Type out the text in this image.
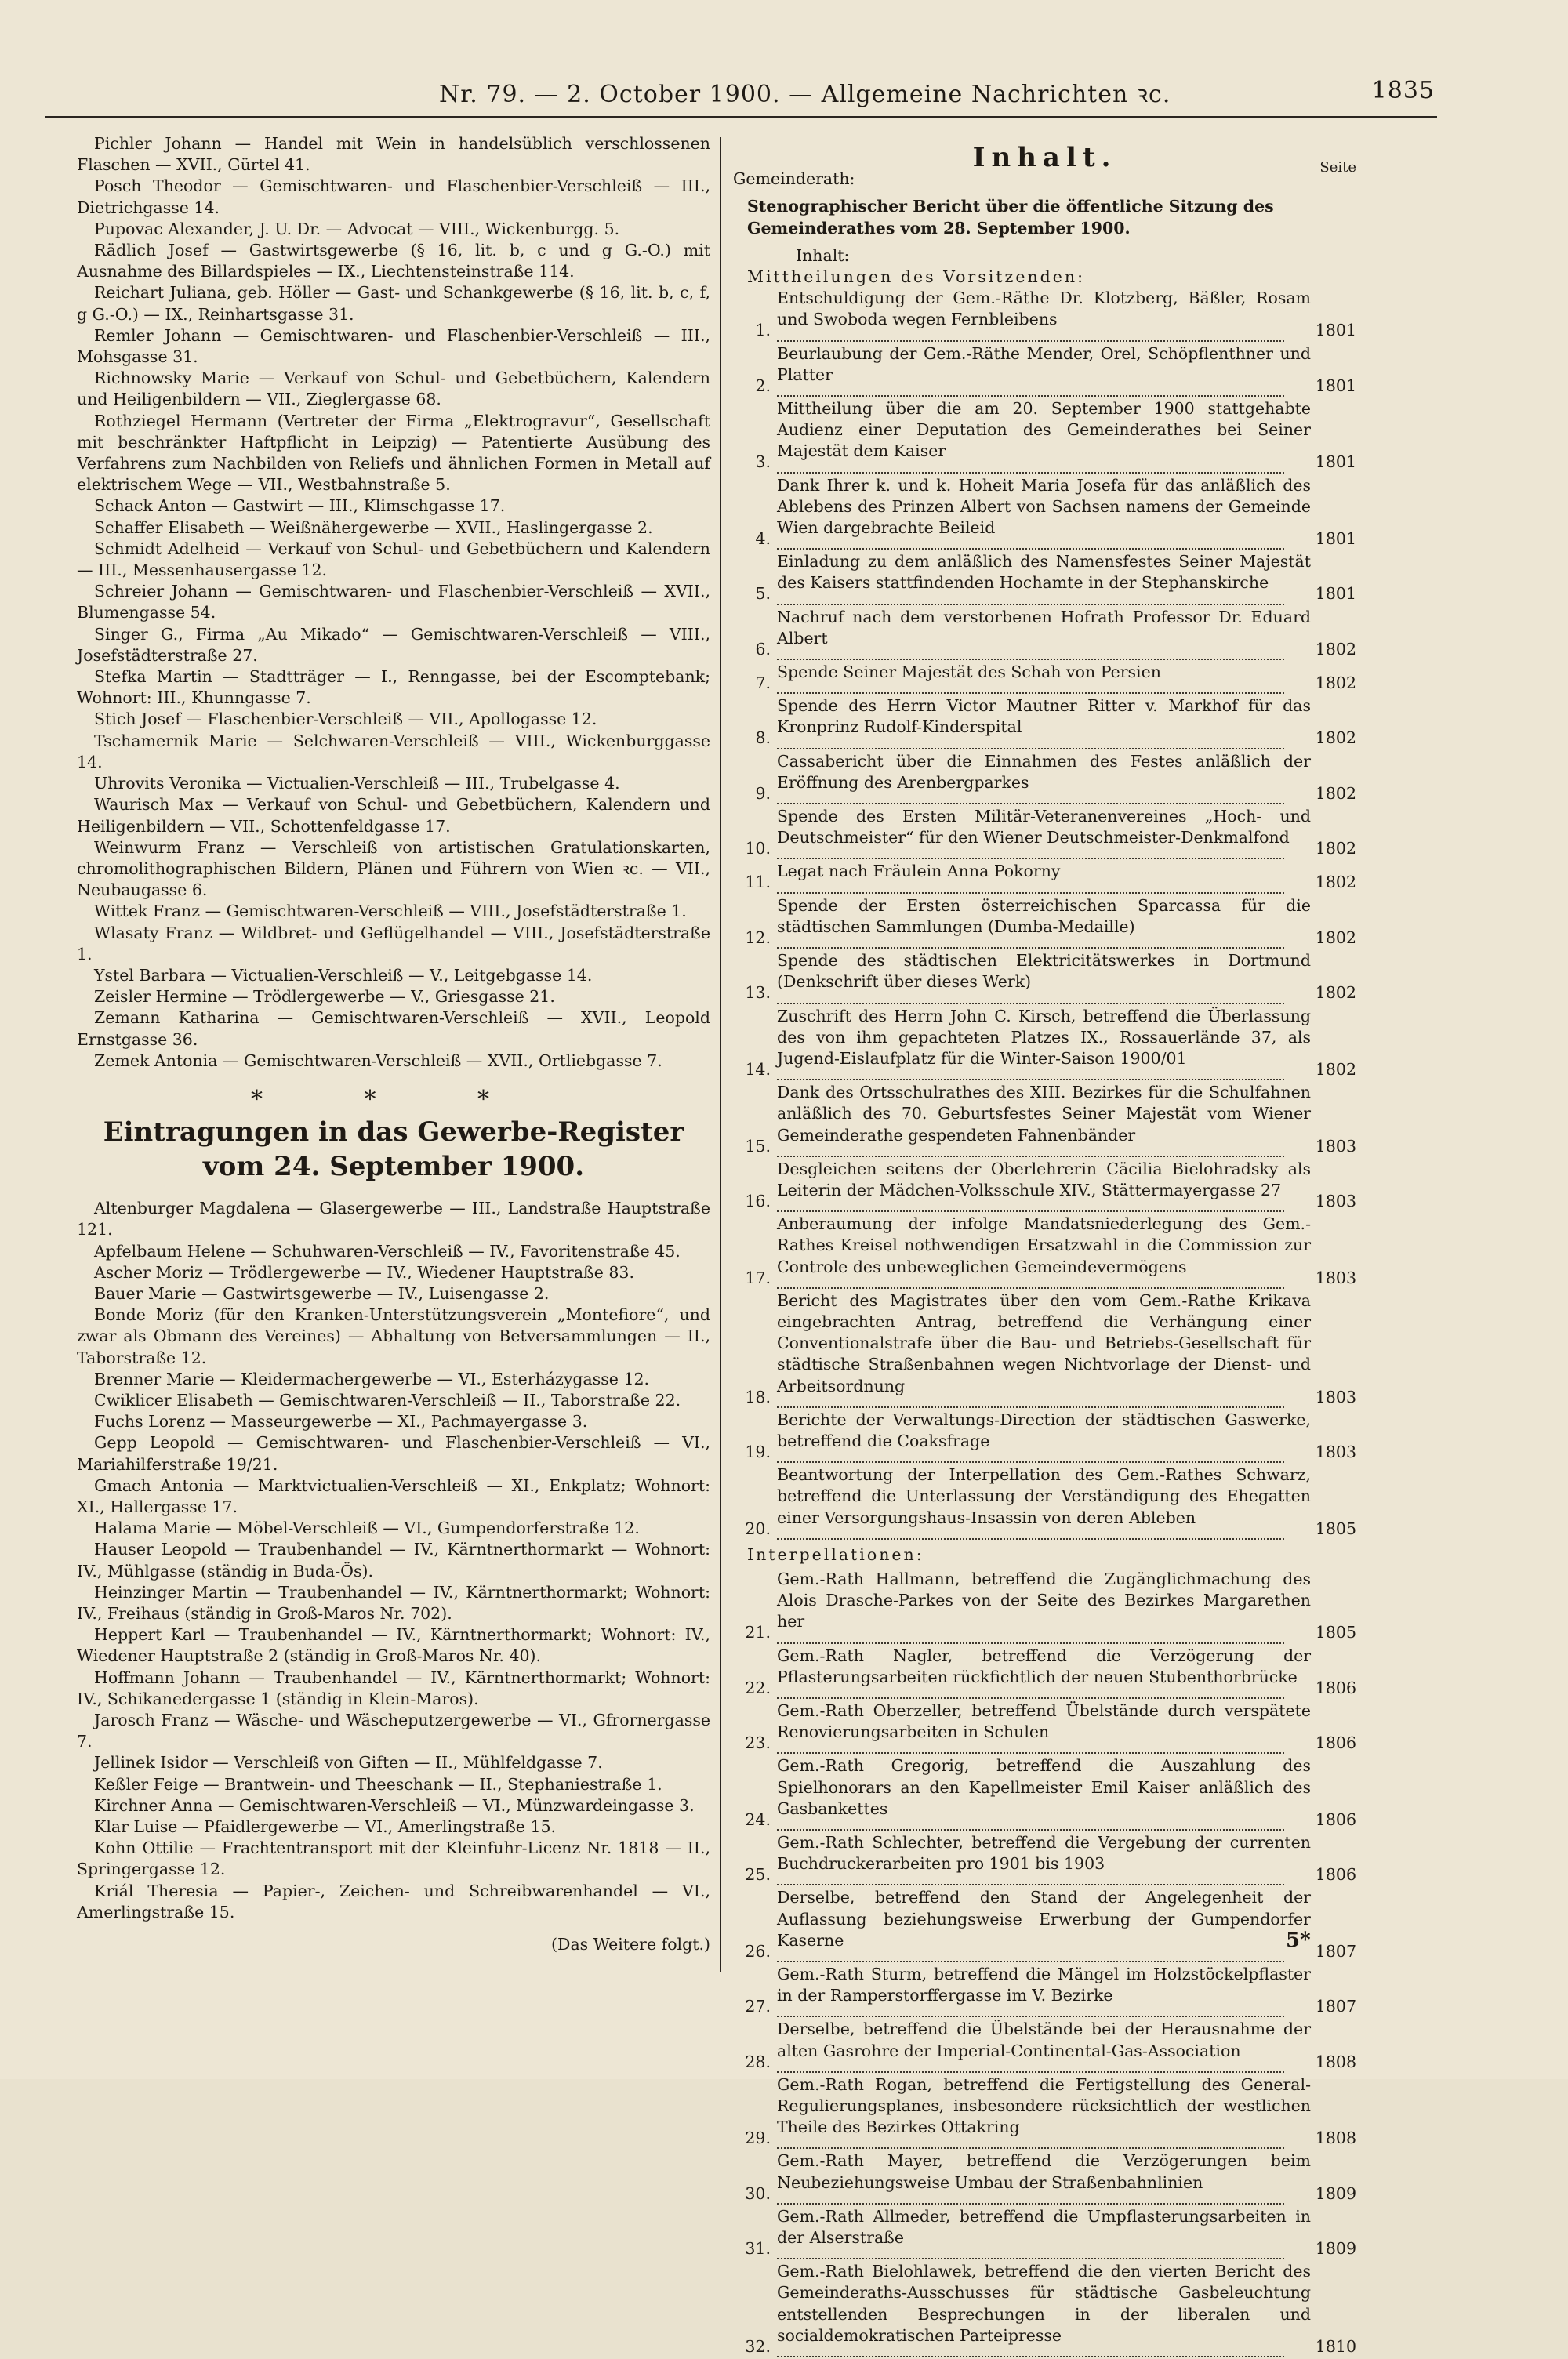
Nr. 79. — 2. October 1900. — Allgemeine Nachrichten ꝛc.	1835

Pichler Johann — Handel mit Wein in handelsüblich verschlossenen Flaschen — XVII., Gürtel 41.

Posch Theodor — Gemischtwaren- und Flaschenbier-Verschleiß — III., Dietrichgasse 14.

Pupovac Alexander, J. U. Dr. — Advocat — VIII., Wickenburgg. 5.

Rädlich Josef — Gastwirtsgewerbe (§ 16, lit. b, c und g G.-O.) mit Ausnahme des Billardspieles — IX., Liechtensteinstraße 114.

Reichart Juliana, geb. Höller — Gast- und Schankgewerbe (§ 16, lit. b, c, f, g G.-O.) — IX., Reinhartsgasse 31.

Remler Johann — Gemischtwaren- und Flaschenbier-Verschleiß — III., Mohsgasse 31.

Richnowsky Marie — Verkauf von Schul- und Gebetbüchern, Kalendern und Heiligenbildern — VII., Zieglergasse 68.

Rothziegel Hermann (Vertreter der Firma „Elektrogravur“, Gesellschaft mit beschränkter Haftpflicht in Leipzig) — Patentierte Ausübung des Verfahrens zum Nachbilden von Reliefs und ähnlichen Formen in Metall auf elektrischem Wege — VII., Westbahnstraße 5.

Schack Anton — Gastwirt — III., Klimschgasse 17.

Schaffer Elisabeth — Weißnähergewerbe — XVII., Haslingergasse 2.

Schmidt Adelheid — Verkauf von Schul- und Gebetbüchern und Kalendern — III., Messenhausergasse 12.

Schreier Johann — Gemischtwaren- und Flaschenbier-Verschleiß — XVII., Blumengasse 54.

Singer G., Firma „Au Mikado“ — Gemischtwaren-Verschleiß — VIII., Josefstädterstraße 27.

Stefka Martin — Stadtträger — I., Renngasse, bei der Escomptebank; Wohnort: III., Khunngasse 7.

Stich Josef — Flaschenbier-Verschleiß — VII., Apollogasse 12.

Tschamernik Marie — Selchwaren-Verschleiß — VIII., Wickenburggasse 14.

Uhrovits Veronika — Victualien-Verschleiß — III., Trubelgasse 4.

Waurisch Max — Verkauf von Schul- und Gebetbüchern, Kalendern und Heiligenbildern — VII., Schottenfeldgasse 17.

Weinwurm Franz — Verschleiß von artistischen Gratulationskarten, chromolithographischen Bildern, Plänen und Führern von Wien ꝛc. — VII., Neubaugasse 6.

Wittek Franz — Gemischtwaren-Verschleiß — VIII., Josefstädterstraße 1.

Wlasaty Franz — Wildbret- und Geflügelhandel — VIII., Josefstädterstraße 1.

Ystel Barbara — Victualien-Verschleiß — V., Leitgebgasse 14.

Zeisler Hermine — Trödlergewerbe — V., Griesgasse 21.

Zemann Katharina — Gemischtwaren-Verschleiß — XVII., Leopold Ernstgasse 36.

Zemek Antonia — Gemischtwaren-Verschleiß — XVII., Ortliebgasse 7.

* * *
Eintragungen in das Gewerbe-Register
vom 24. September 1900.

Altenburger Magdalena — Glasergewerbe — III., Landstraße Hauptstraße 121.

Apfelbaum Helene — Schuhwaren-Verschleiß — IV., Favoritenstraße 45.

Ascher Moriz — Trödlergewerbe — IV., Wiedener Hauptstraße 83.

Bauer Marie — Gastwirtsgewerbe — IV., Luisengasse 2.

Bonde Moriz (für den Kranken-Unterstützungsverein „Montefiore“, und zwar als Obmann des Vereines) — Abhaltung von Betversammlungen — II., Taborstraße 12.

Brenner Marie — Kleidermachergewerbe — VI., Esterházygasse 12.

Cwiklicer Elisabeth — Gemischtwaren-Verschleiß — II., Taborstraße 22.

Fuchs Lorenz — Masseurgewerbe — XI., Pachmayergasse 3.

Gepp Leopold — Gemischtwaren- und Flaschenbier-Verschleiß — VI., Mariahilferstraße 19/21.

Gmach Antonia — Marktvictualien-Verschleiß — XI., Enkplatz; Wohnort: XI., Hallergasse 17.

Halama Marie — Möbel-Verschleiß — VI., Gumpendorferstraße 12.

Hauser Leopold — Traubenhandel — IV., Kärntnerthormarkt — Wohnort: IV., Mühlgasse (ständig in Buda-Ös).

Heinzinger Martin — Traubenhandel — IV., Kärntnerthormarkt; Wohnort: IV., Freihaus (ständig in Groß-Maros Nr. 702).

Heppert Karl — Traubenhandel — IV., Kärntnerthormarkt; Wohnort: IV., Wiedener Hauptstraße 2 (ständig in Groß-Maros Nr. 40).

Hoffmann Johann — Traubenhandel — IV., Kärntnerthormarkt; Wohnort: IV., Schikanedergasse 1 (ständig in Klein-Maros).

Jarosch Franz — Wäsche- und Wäscheputzergewerbe — VI., Gfrornergasse 7.

Jellinek Isidor — Verschleiß von Giften — II., Mühlfeldgasse 7.

Keßler Feige — Brantwein- und Theeschank — II., Stephaniestraße 1.

Kirchner Anna — Gemischtwaren-Verschleiß — VI., Münzwardeingasse 3.

Klar Luise — Pfaidlergewerbe — VI., Amerlingstraße 15.

Kohn Ottilie — Frachtentransport mit der Kleinfuhr-Licenz Nr. 1818 — II., Springergasse 12.

Kriál Theresia — Papier-, Zeichen- und Schreibwarenhandel — VI., Amerlingstraße 15.

(Das Weitere folgt.)

Inhalt.	Seite

Gemeinderath:

Stenographischer Bericht über die öffentliche Sitzung des Gemeinderathes vom 28. September 1900.

Inhalt:

Mittheilungen des Vorsitzenden:

1.
Entschuldigung der Gem.-Räthe Dr. Klotzberg, Bäßler, Rosam und Swoboda wegen Fernbleibens
1801
2.
Beurlaubung der Gem.-Räthe Mender, Orel, Schöpflenthner und Platter
1801
3.
Mittheilung über die am 20. September 1900 stattgehabte Audienz einer Deputation des Gemeinderathes bei Seiner Majestät dem Kaiser
1801
4.
Dank Ihrer k. und k. Hoheit Maria Josefa für das anläßlich des Ablebens des Prinzen Albert von Sachsen namens der Gemeinde Wien dargebrachte Beileid
1801
5.
Einladung zu dem anläßlich des Namensfestes Seiner Majestät des Kaisers stattfindenden Hochamte in der Stephanskirche
1801
6.
Nachruf nach dem verstorbenen Hofrath Professor Dr. Eduard Albert
1802
7.
Spende Seiner Majestät des Schah von Persien
1802
8.
Spende des Herrn Victor Mautner Ritter v. Markhof für das Kronprinz Rudolf-Kinderspital
1802
9.
Cassabericht über die Einnahmen des Festes anläßlich der Eröffnung des Arenbergparkes
1802
10.
Spende des Ersten Militär-Veteranenvereines „Hoch- und Deutschmeister“ für den Wiener Deutschmeister-Denkmalfond
1802
11.
Legat nach Fräulein Anna Pokorny
1802
12.
Spende der Ersten österreichischen Sparcassa für die städtischen Sammlungen (Dumba-Medaille)
1802
13.
Spende des städtischen Elektricitätswerkes in Dortmund (Denkschrift über dieses Werk)
1802
14.
Zuschrift des Herrn John C. Kirsch, betreffend die Überlassung des von ihm gepachteten Platzes IX., Rossauerlände 37, als Jugend-Eislaufplatz für die Winter-Saison 1900/01
1802
15.
Dank des Ortsschulrathes des XIII. Bezirkes für die Schulfahnen anläßlich des 70. Geburtsfestes Seiner Majestät vom Wiener Gemeinderathe gespendeten Fahnenbänder
1803
16.
Desgleichen seitens der Oberlehrerin Cäcilia Bielohradsky als Leiterin der Mädchen-Volksschule XIV., Stättermayergasse 27
1803
17.
Anberaumung der infolge Mandatsniederlegung des Gem.-Rathes Kreisel nothwendigen Ersatzwahl in die Commission zur Controle des unbeweglichen Gemeindevermögens
1803
18.
Bericht des Magistrates über den vom Gem.-Rathe Krikava eingebrachten Antrag, betreffend die Verhängung einer Conventionalstrafe über die Bau- und Betriebs-Gesellschaft für städtische Straßenbahnen wegen Nichtvorlage der Dienst- und Arbeitsordnung
1803
19.
Berichte der Verwaltungs-Direction der städtischen Gaswerke, betreffend die Coaksfrage
1803
20.
Beantwortung der Interpellation des Gem.-Rathes Schwarz, betreffend die Unterlassung der Verständigung des Ehegatten einer Versorgungshaus-Insassin von deren Ableben
1805

Interpellationen:

21.
Gem.-Rath Hallmann, betreffend die Zugänglichmachung des Alois Drasche-Parkes von der Seite des Bezirkes Margarethen her
1805
22.
Gem.-Rath Nagler, betreffend die Verzögerung der Pflasterungsarbeiten rückfichtlich der neuen Stubenthorbrücke
1806
23.
Gem.-Rath Oberzeller, betreffend Übelstände durch verspätete Renovierungsarbeiten in Schulen
1806
24.
Gem.-Rath Gregorig, betreffend die Auszahlung des Spielhonorars an den Kapellmeister Emil Kaiser anläßlich des Gasbankettes
1806
25.
Gem.-Rath Schlechter, betreffend die Vergebung der currenten Buchdruckerarbeiten pro 1901 bis 1903
1806
26.
Derselbe, betreffend den Stand der Angelegenheit der Auflassung beziehungsweise Erwerbung der Gumpendorfer Kaserne
1807
27.
Gem.-Rath Sturm, betreffend die Mängel im Holzstöckelpflaster in der Ramperstorffergasse im V. Bezirke
1807
28.
Derselbe, betreffend die Übelstände bei der Herausnahme der alten Gasrohre der Imperial-Continental-Gas-Association
1808
29.
Gem.-Rath Rogan, betreffend die Fertigstellung des General-Regulierungsplanes, insbesondere rücksichtlich der westlichen Theile des Bezirkes Ottakring
1808
30.
Gem.-Rath Mayer, betreffend die Verzögerungen beim Neubeziehungsweise Umbau der Straßenbahnlinien
1809
31.
Gem.-Rath Allmeder, betreffend die Umpflasterungsarbeiten in der Alserstraße
1809
32.
Gem.-Rath Bielohlawek, betreffend die den vierten Bericht des Gemeinderaths-Ausschusses für städtische Gasbeleuchtung entstellenden Besprechungen in der liberalen und socialdemokratischen Parteipresse
1810
5*
